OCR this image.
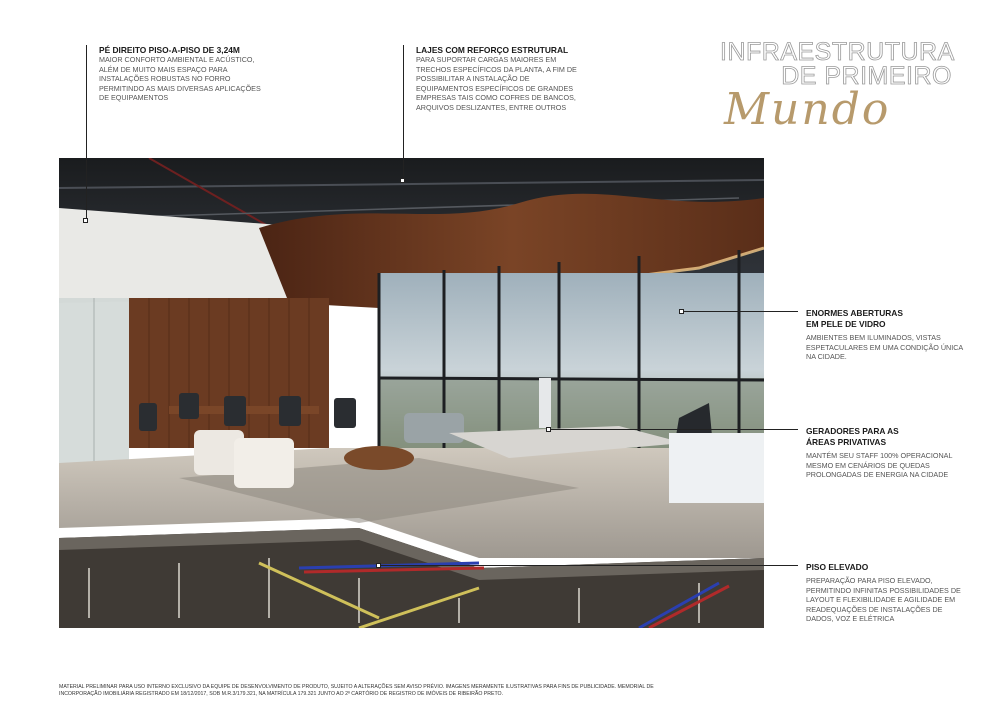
INFRAESTRUTURA
DE PRIMEIRO
Mundo
PÉ DIREITO PISO-A-PISO DE 3,24M
MAIOR CONFORTO AMBIENTAL E ACÚSTICO, ALÉM DE MUITO MAIS ESPAÇO PARA INSTALAÇÕES ROBUSTAS NO FORRO PERMITINDO AS MAIS DIVERSAS APLICAÇÕES DE EQUIPAMENTOS
LAJES COM REFORÇO ESTRUTURAL
PARA SUPORTAR CARGAS MAIORES EM TRECHOS ESPECÍFICOS DA PLANTA, A FIM DE POSSIBILITAR A INSTALAÇÃO DE EQUIPAMENTOS ESPECÍFICOS DE GRANDES EMPRESAS TAIS COMO COFRES DE BANCOS, ARQUIVOS DESLIZANTES, ENTRE OUTROS
ENORMES ABERTURAS
EM PELE DE VIDRO
AMBIENTES BEM ILUMINADOS, VISTAS ESPETACULARES EM UMA CONDIÇÃO ÚNICA NA CIDADE.
GERADORES PARA AS
ÁREAS PRIVATIVAS
MANTÉM SEU STAFF 100% OPERACIONAL MESMO EM CENÁRIOS DE QUEDAS PROLONGADAS DE ENERGIA NA CIDADE
PISO ELEVADO
PREPARAÇÃO PARA PISO ELEVADO, PERMITINDO INFINITAS POSSIBILIDADES DE LAYOUT E FLEXIBILIDADE E AGILIDADE EM READEQUAÇÕES DE INSTALAÇÕES DE DADOS, VOZ E ELÉTRICA
MATERIAL PRELIMINAR PARA USO INTERNO EXCLUSIVO DA EQUIPE DE DESENVOLVIMENTO DE PRODUTO, SUJEITO A ALTERAÇÕES SEM AVISO PRÉVIO. IMAGENS MERAMENTE ILUSTRATIVAS PARA FINS DE PUBLICIDADE. MEMORIAL DE INCORPORAÇÃO IMOBILIÁRIA REGISTRADO EM 18/12/2017, SOB M.R.3/179.321, NA MATRÍCULA 179.321 JUNTO AO 2º CARTÓRIO DE REGISTRO DE IMÓVEIS DE RIBEIRÃO PRETO.
